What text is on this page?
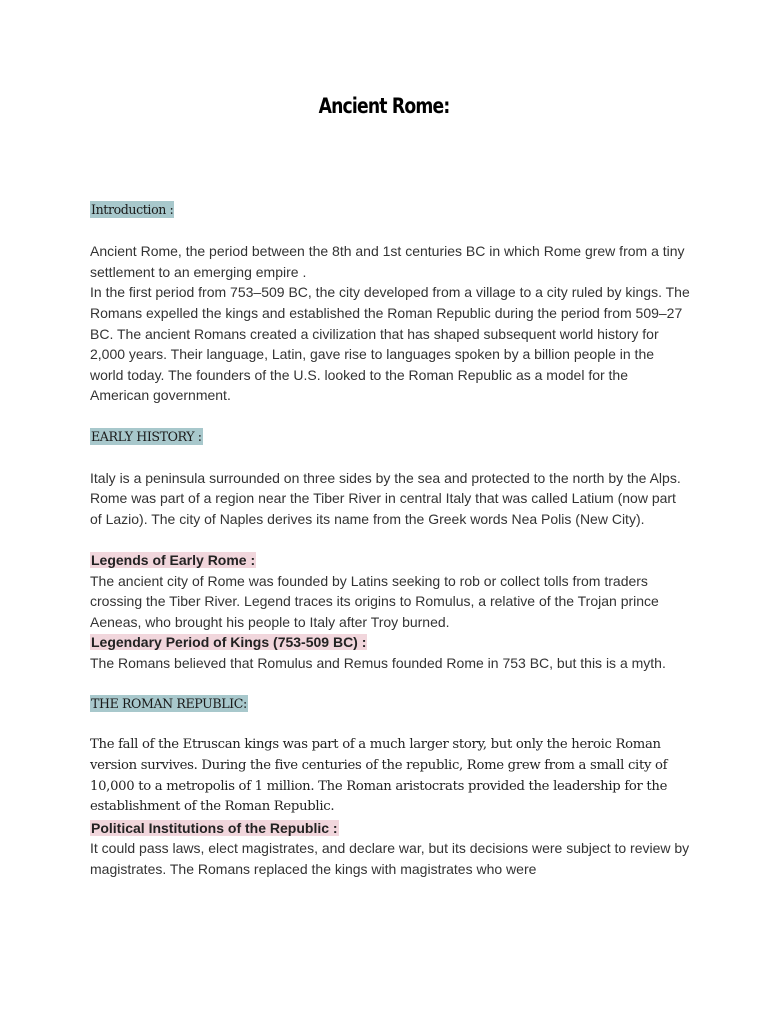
Ancient Rome:

Introduction :

Ancient Rome, the period between the 8th and 1st centuries BC in which Rome grew from a tiny settlement to an emerging empire .

In the first period from 753–509 BC, the city developed from a village to a city ruled by kings. The Romans expelled the kings and established the Roman Republic during the period from 509–27 BC. The ancient Romans created a civilization that has shaped subsequent world history for 2,000 years. Their language, Latin, gave rise to languages spoken by a billion people in the world today. The founders of the U.S. looked to the Roman Republic as a model for the American government.

EARLY HISTORY :

Italy is a peninsula surrounded on three sides by the sea and protected to the north by the Alps. Rome was part of a region near the Tiber River in central Italy that was called Latium (now part of Lazio). The city of Naples derives its name from the Greek words Nea Polis (New City).

Legends of Early Rome :

The ancient city of Rome was founded by Latins seeking to rob or collect tolls from traders crossing the Tiber River. Legend traces its origins to Romulus, a relative of the Trojan prince Aeneas, who brought his people to Italy after Troy burned.

Legendary Period of Kings (753-509 BC) :

The Romans believed that Romulus and Remus founded Rome in 753 BC, but this is a myth.

THE ROMAN REPUBLIC:

The fall of the Etruscan kings was part of a much larger story, but only the heroic Roman version survives. During the five centuries of the republic, Rome grew from a small city of 10,000 to a metropolis of 1 million. The Roman aristocrats provided the leadership for the establishment of the Roman Republic.

Political Institutions of the Republic :

It could pass laws, elect magistrates, and declare war, but its decisions were subject to review by magistrates. The Romans replaced the kings with magistrates who were
